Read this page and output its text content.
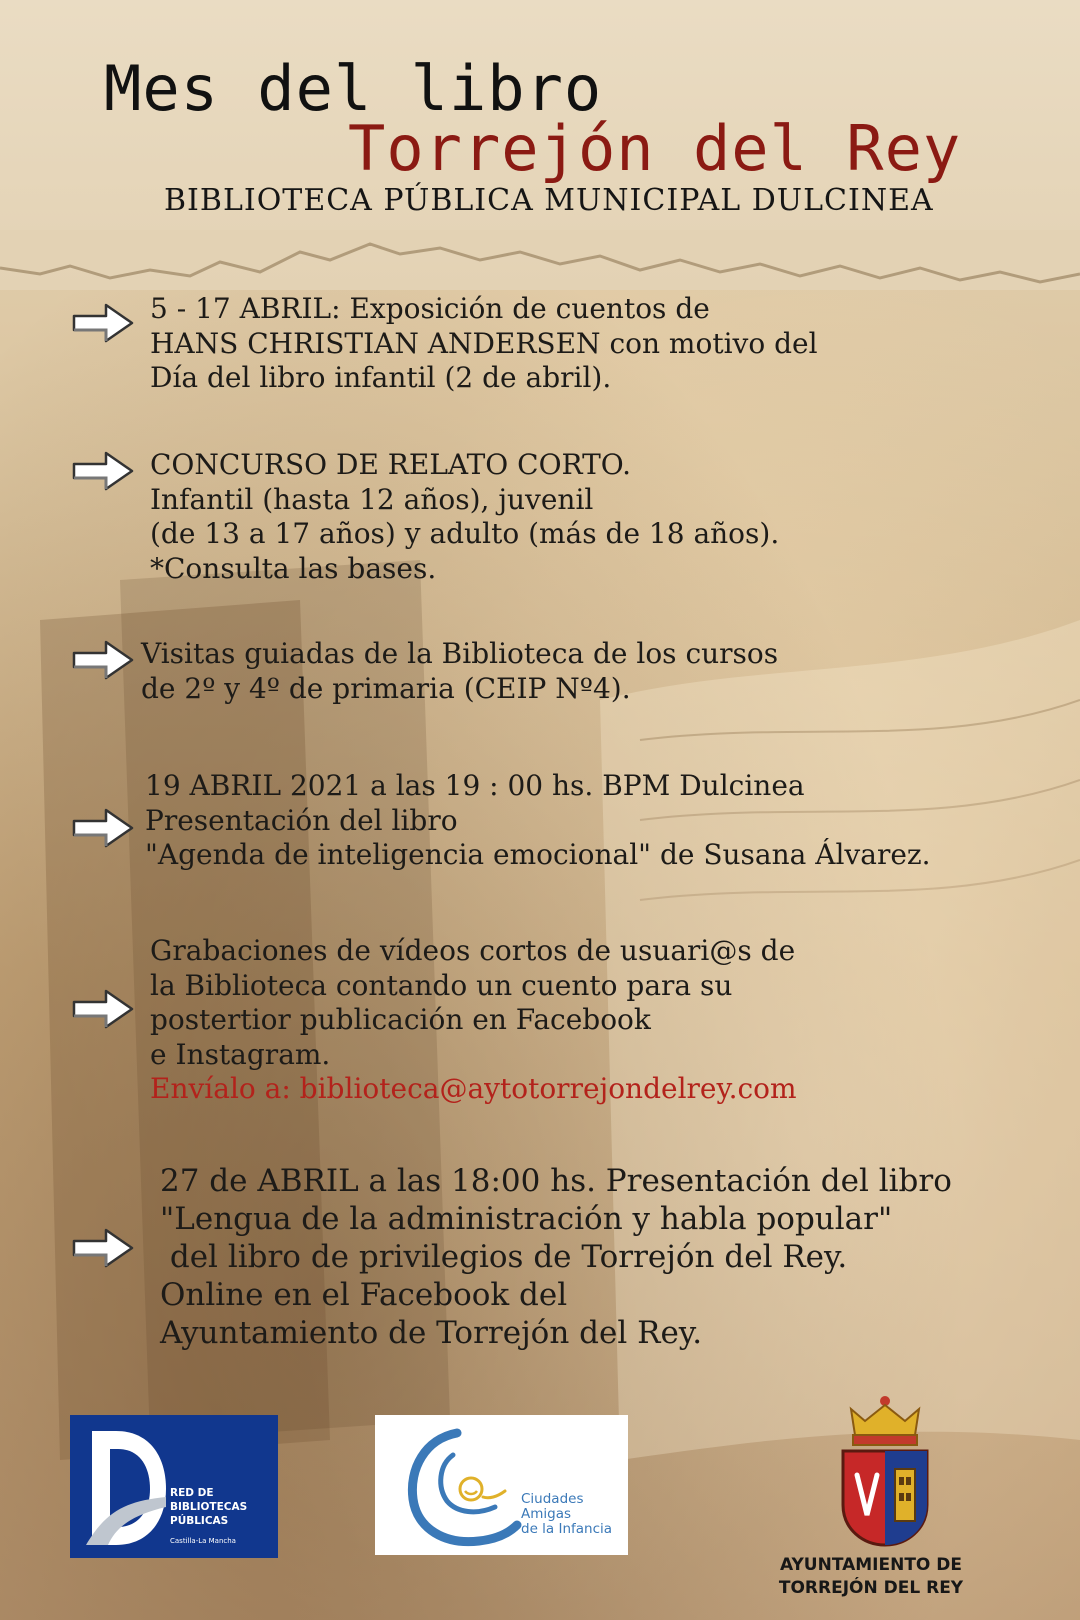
Mes del libro
Torrejón del Rey
BIBLIOTECA PÚBLICA MUNICIPAL DULCINEA
5 - 17 ABRIL: Exposición de cuentos de
HANS CHRISTIAN ANDERSEN con motivo del
Día del libro infantil (2 de abril).
CONCURSO DE RELATO CORTO.
Infantil (hasta 12 años), juvenil
(de 13 a 17 años) y adulto (más de 18 años).
*Consulta las bases.
Visitas guiadas de la Biblioteca de los cursos
de 2º y 4º de primaria (CEIP Nº4).
19 ABRIL 2021 a las 19 : 00 hs. BPM Dulcinea
Presentación del libro
"Agenda de inteligencia emocional" de Susana Álvarez.
Grabaciones de vídeos cortos de usuari@s de
la Biblioteca contando un cuento para su
postertior publicación en Facebook
e Instagram.
Envíalo a: biblioteca@aytotorrejondelrey.com
27 de ABRIL a las 18:00 hs. Presentación del libro
"Lengua de la administración y habla popular"
del libro de privilegios de Torrejón del Rey.
Online en el Facebook del
Ayuntamiento de Torrejón del Rey.
RED DE
BIBLIOTECAS
PÚBLICAS
Castilla-La Mancha
Ciudades
Amigas
de la Infancia
AYUNTAMIENTO DE
TORREJÓN DEL REY
